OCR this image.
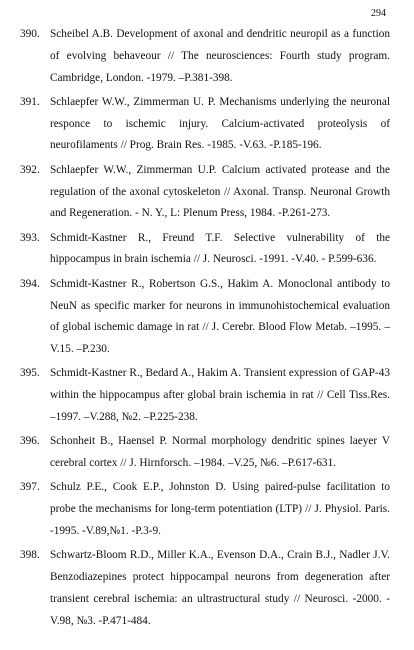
294
390. Scheibel A.B. Development of axonal and dendritic neuropil as a function of evolving behaveour // The neurosciences: Fourth study program. Cambridge, London. -1979. –P.381-398.
391. Schlaepfer W.W., Zimmerman U. P. Mechanisms underlying the neuronal responce to ischemic injury. Calcium-activated proteolysis of neurofilaments // Prog. Brain Res. -1985. -V.63. -P.185-196.
392. Schlaepfer W.W., Zimmerman U.P. Calcium activated protease and the regulation of the axonal cytoskeleton // Axonal. Transp. Neuronal Growth and Regeneration. - N. Y., L: Plenum Press, 1984. -P.261-273.
393. Schmidt-Kastner R., Freund T.F. Selective vulnerability of the hippocampus in brain ischemia // J. Neurosci. -1991. -V.40. - P.599-636.
394. Schmidt-Kastner R., Robertson G.S., Hakim A. Monoclonal antibody to NeuN as specific marker for neurons in immunohistochemical evaluation of global ischemic damage in rat // J. Cerebr. Blood Flow Metab. –1995. –V.15. –P.230.
395. Schmidt-Kastner R., Bedard A., Hakim A. Transient expression of GAP-43 within the hippocampus after global brain ischemia in rat // Cell Tiss.Res. –1997. –V.288, №2. –P.225-238.
396. Schonheit B., Haensel P. Normal morphology dendritic spines laeyer V cerebral cortex // J. Hirnforsch. –1984. –V.25, №6. –P.617-631.
397. Schulz P.E., Cook E.P., Johnston D. Using paired-pulse facilitation to probe the mechanisms for long-term potentiation (LTP) // J. Physiol. Paris. -1995. -V.89,№1. -P.3-9.
398. Schwartz-Bloom R.D., Miller K.A., Evenson D.A., Crain B.J., Nadler J.V. Benzodiazepines protect hippocampal neurons from degeneration after transient cerebral ischemia: an ultrastructural study // Neurosci. -2000. -V.98, №3. -P.471-484.
